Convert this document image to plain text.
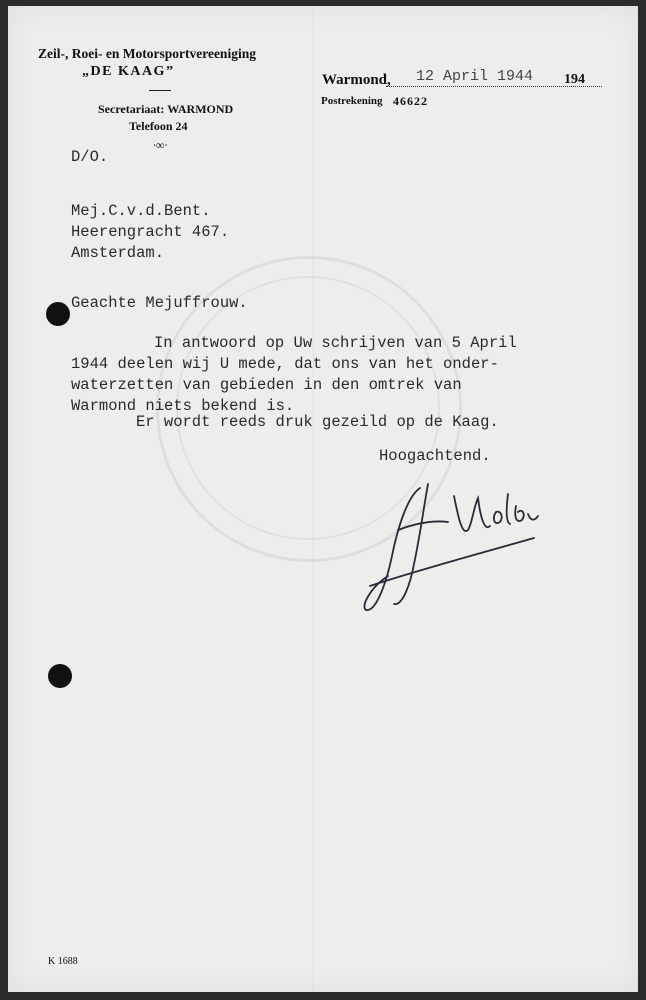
Zeil-, Roei- en Motorsportvereeniging
„DE KAAG”
Secretariaat: WARMOND
Telefoon 24
∙∞∙
Warmond, 12 April 1944 194
Postrekening 46622
D/O.
Mej.C.v.d.Bent.
Heerengracht 467.
Amsterdam.
Geachte Mejuffrouw.
In antwoord op Uw schrijven van 5 April
1944 deelen wij U mede, dat ons van het onder-
waterzetten van gebieden in den omtrek van
Warmond niets bekend is.
Er wordt reeds druk gezeild op de Kaag.
Hoogachtend.
K 1688
